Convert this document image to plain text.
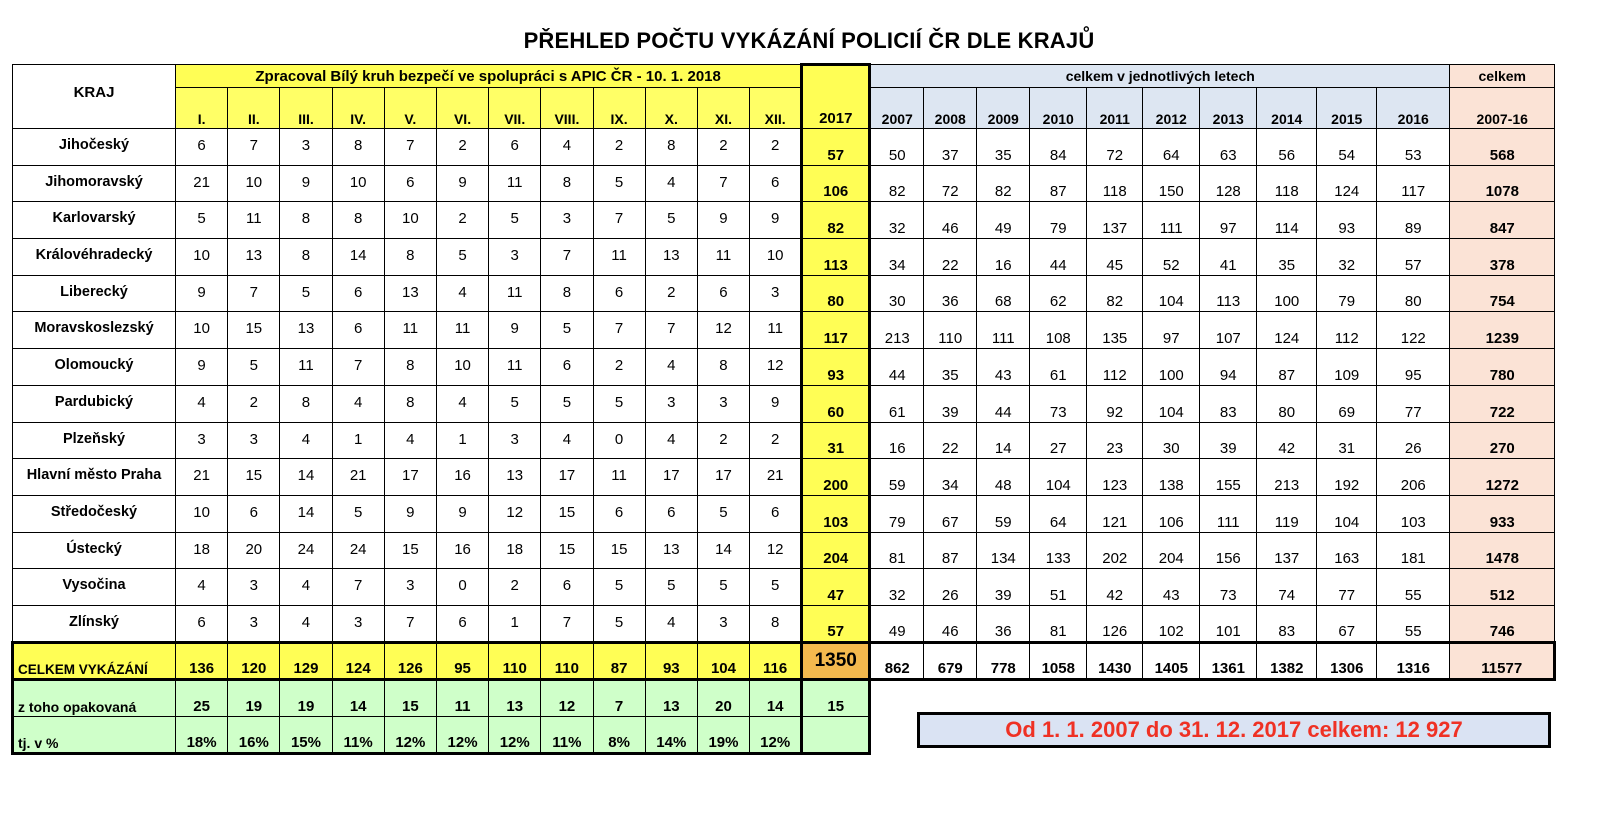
PŘEHLED POČTU VYKÁZÁNÍ POLICIÍ ČR DLE KRAJŮ
KRAJ	Zpracoval Bílý kruh bezpečí ve spolupráci s APIC ČR - 10. 1. 2018												2017	celkem v jednotlivých letech										celkem
	I.	II.	III.	IV.	V.	VI.	VII.	VIII.	IX.	X.	XI.	XII.		2007	2008	2009	2010	2011	2012	2013	2014	2015	2016	2007-16
Jihočeský	6	7	3	8	7	2	6	4	2	8	2	2	57	50	37	35	84	72	64	63	56	54	53	568
Jihomoravský	21	10	9	10	6	9	11	8	5	4	7	6	106	82	72	82	87	118	150	128	118	124	117	1078
Karlovarský	5	11	8	8	10	2	5	3	7	5	9	9	82	32	46	49	79	137	111	97	114	93	89	847
Královéhradecký	10	13	8	14	8	5	3	7	11	13	11	10	113	34	22	16	44	45	52	41	35	32	57	378
Liberecký	9	7	5	6	13	4	11	8	6	2	6	3	80	30	36	68	62	82	104	113	100	79	80	754
Moravskoslezský	10	15	13	6	11	11	9	5	7	7	12	11	117	213	110	111	108	135	97	107	124	112	122	1239
Olomoucký	9	5	11	7	8	10	11	6	2	4	8	12	93	44	35	43	61	112	100	94	87	109	95	780
Pardubický	4	2	8	4	8	4	5	5	5	3	3	9	60	61	39	44	73	92	104	83	80	69	77	722
Plzeňský	3	3	4	1	4	1	3	4	0	4	2	2	31	16	22	14	27	23	30	39	42	31	26	270
Hlavní město Praha	21	15	14	21	17	16	13	17	11	17	17	21	200	59	34	48	104	123	138	155	213	192	206	1272
Středočeský	10	6	14	5	9	9	12	15	6	6	5	6	103	79	67	59	64	121	106	111	119	104	103	933
Ústecký	18	20	24	24	15	16	18	15	15	13	14	12	204	81	87	134	133	202	204	156	137	163	181	1478
Vysočina	4	3	4	7	3	0	2	6	5	5	5	5	47	32	26	39	51	42	43	73	74	77	55	512
Zlínský	6	3	4	3	7	6	1	7	5	4	3	8	57	49	46	36	81	126	102	101	83	67	55	746
CELKEM VYKÁZÁNÍ	136	120	129	124	126	95	110	110	87	93	104	116	1350	862	679	778	1058	1430	1405	1361	1382	1306	1316	11577
z toho opakovaná	25	19	19	14	15	11	13	12	7	13	20	14	15											
tj. v %	18%	16%	15%	11%	12%	12%	12%	11%	8%	14%	19%	12%												
Od 1. 1. 2007 do 31. 12. 2017 celkem: 12 927
